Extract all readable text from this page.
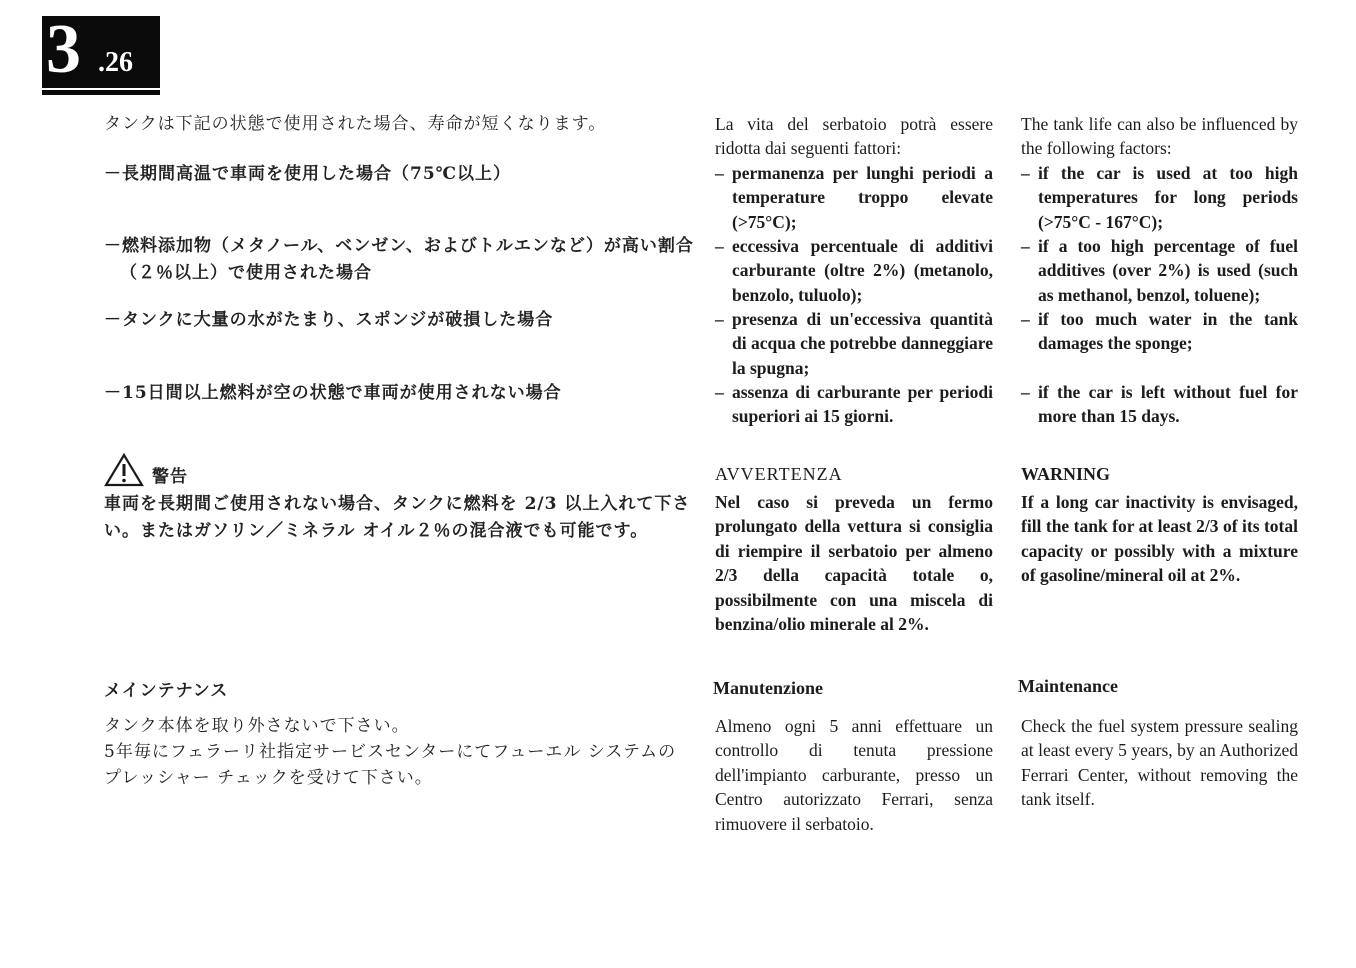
3 .26
タンクは下記の状態で使用された場合、寿命が短くなります。
－長期間高温で車両を使用した場合（75℃以上）
－燃料添加物（メタノール、ベンゼン、およびトルエンなど）が高い割合
（２％以上）で使用された場合
－タンクに大量の水がたまり、スポンジが破損した場合
－15日間以上燃料が空の状態で車両が使用されない場合
警告
車両を長期間ご使用されない場合、タンクに燃料を 2/3 以上入れて下さ
い。またはガソリン／ミネラル オイル２％の混合液でも可能です。
メインテナンス
タンク本体を取り外さないで下さい。
5年毎にフェラーリ社指定サービスセンターにてフューエル システムの
プレッシャー チェックを受けて下さい。
La vita del serbatoio potrà essere ridotta dai seguenti fattori:
– permanenza per lunghi periodi a temperature troppo elevate (>75°C);
– eccessiva percentuale di additivi carburante (oltre 2%) (metanolo, benzolo, tuluolo);
– presenza di un'eccessiva quantità di acqua che potrebbe danneggiare la spugna;
– assenza di carburante per periodi superiori ai 15 giorni.
AVVERTENZA
Nel caso si preveda un fermo prolungato della vettura si consiglia di riempire il serbatoio per almeno 2/3 della capacità totale o, possibilmente con una miscela di benzina/olio minerale al 2%.
Manutenzione
Almeno ogni 5 anni effettuare un controllo di tenuta pressione dell'impianto carburante, presso un Centro autorizzato Ferrari, senza rimuovere il serbatoio.
The tank life can also be influenced by the following factors:
– if the car is used at too high temperatures for long periods (>75°C - 167°C);
– if a too high percentage of fuel additives (over 2%) is used (such as methanol, benzol, toluene);
– if too much water in the tank damages the sponge;
– if the car is left without fuel for more than 15 days.
WARNING
If a long car inactivity is envisaged, fill the tank for at least 2/3 of its total capacity or possibly with a mixture of gasoline/mineral oil at 2%.
Maintenance
Check the fuel system pressure sealing at least every 5 years, by an Authorized Ferrari Center, without removing the tank itself.
